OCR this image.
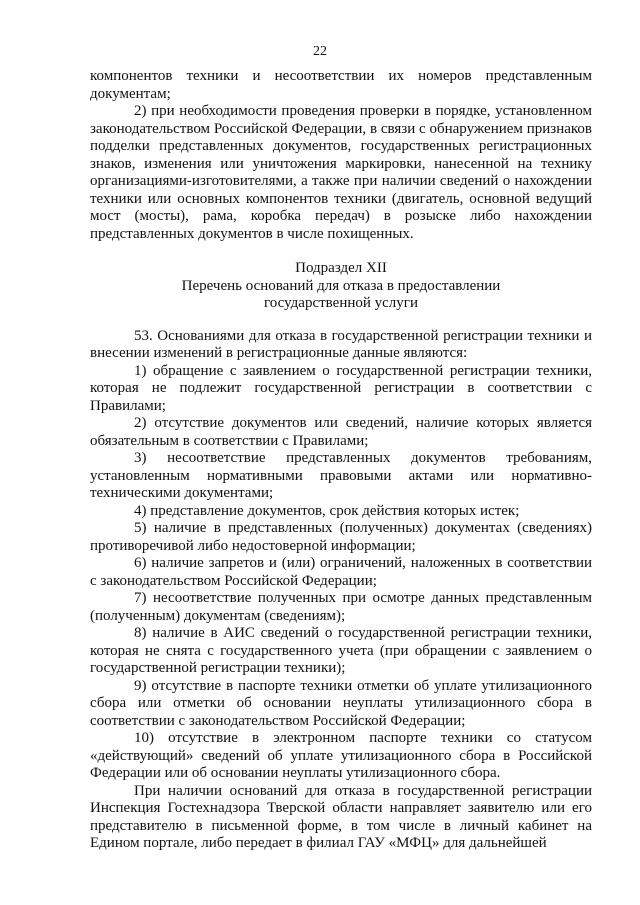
22

компонентов техники и несоответствии их номеров представленным документам;

2) при необходимости проведения проверки в порядке, установленном законодательством Российской Федерации, в связи с обнаружением признаков подделки представленных документов, государственных регистрационных знаков, изменения или уничтожения маркировки, нанесенной на технику организациями-изготовителями, а также при наличии сведений о нахождении техники или основных компонентов техники (двигатель, основной ведущий мост (мосты), рама, коробка передач) в розыске либо нахождении представленных документов в числе похищенных.

Подраздел XII

Перечень оснований для отказа в предоставлении

государственной услуги

53. Основаниями для отказа в государственной регистрации техники и внесении изменений в регистрационные данные являются:

1) обращение с заявлением о государственной регистрации техники, которая не подлежит государственной регистрации в соответствии с Правилами;

2) отсутствие документов или сведений, наличие которых является обязательным в соответствии с Правилами;

3) несоответствие представленных документов требованиям, установленным нормативными правовыми актами или нормативно-техническими документами;

4) представление документов, срок действия которых истек;

5) наличие в представленных (полученных) документах (сведениях) противоречивой либо недостоверной информации;

6) наличие запретов и (или) ограничений, наложенных в соответствии с законодательством Российской Федерации;

7) несоответствие полученных при осмотре данных представленным (полученным) документам (сведениям);

8) наличие в АИС сведений о государственной регистрации техники, которая не снята с государственного учета (при обращении с заявлением о государственной регистрации техники);

9) отсутствие в паспорте техники отметки об уплате утилизационного сбора или отметки об основании неуплаты утилизационного сбора в соответствии с законодательством Российской Федерации;

10) отсутствие в электронном паспорте техники со статусом «действующий» сведений об уплате утилизационного сбора в Российской Федерации или об основании неуплаты утилизационного сбора.

При наличии оснований для отказа в государственной регистрации Инспекция Гостехнадзора Тверской области направляет заявителю или его представителю в письменной форме, в том числе в личный кабинет на Едином портале, либо передает в филиал ГАУ «МФЦ» для дальнейшей
